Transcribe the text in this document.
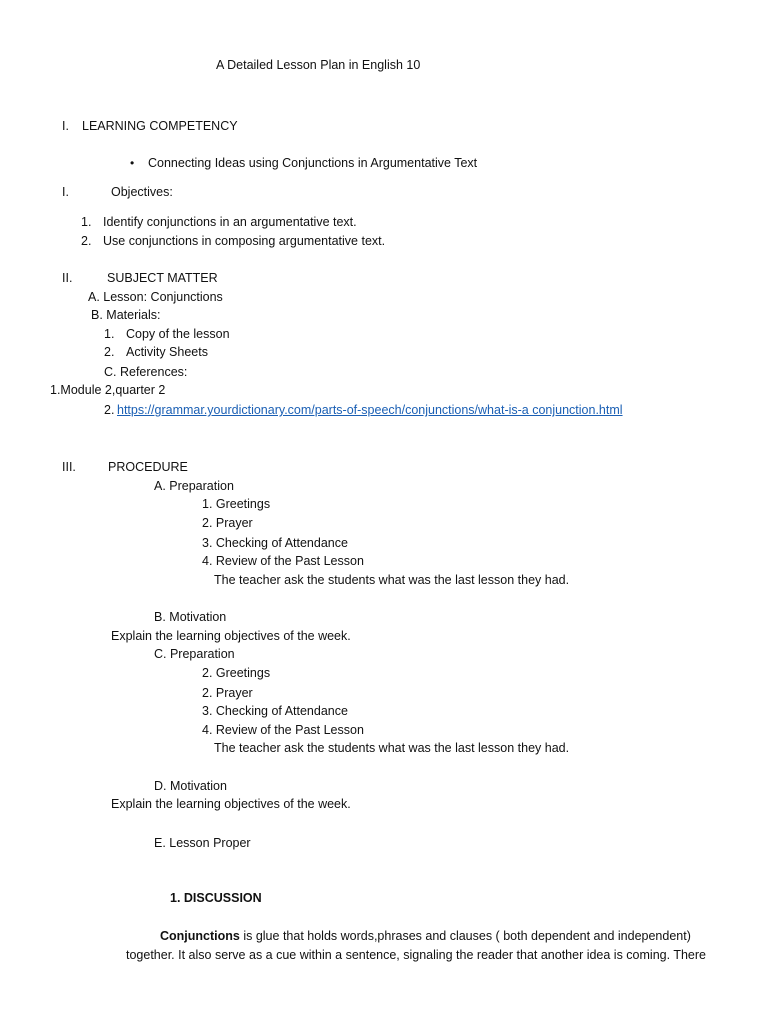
A Detailed Lesson Plan in English 10
I. LEARNING COMPETENCY
• Connecting Ideas using Conjunctions in Argumentative Text
I.	Objectives:
1. Identify conjunctions in an argumentative text.
2. Use conjunctions in composing argumentative text.
II.	SUBJECT MATTER
A. Lesson: Conjunctions
B. Materials:
1. Copy of the lesson
2. Activity Sheets
C. References:
1.Module 2,quarter 2
2. https://grammar.yourdictionary.com/parts-of-speech/conjunctions/what-is-a conjunction.html
III.	PROCEDURE
A. Preparation
1. Greetings
2. Prayer
3. Checking of Attendance
4. Review of the Past Lesson
The teacher ask the students what was the last lesson they had.
B. Motivation
Explain the learning objectives of the week.
C. Preparation
2. Greetings
2. Prayer
3. Checking of Attendance
4. Review of the Past Lesson
The teacher ask the students what was the last lesson they had.
D. Motivation
Explain the learning objectives of the week.
E. Lesson Proper
1. DISCUSSION
Conjunctions is glue that holds words,phrases and clauses ( both dependent and independent)
together. It also serve as a cue within a sentence, signaling the reader that another idea is coming. There
